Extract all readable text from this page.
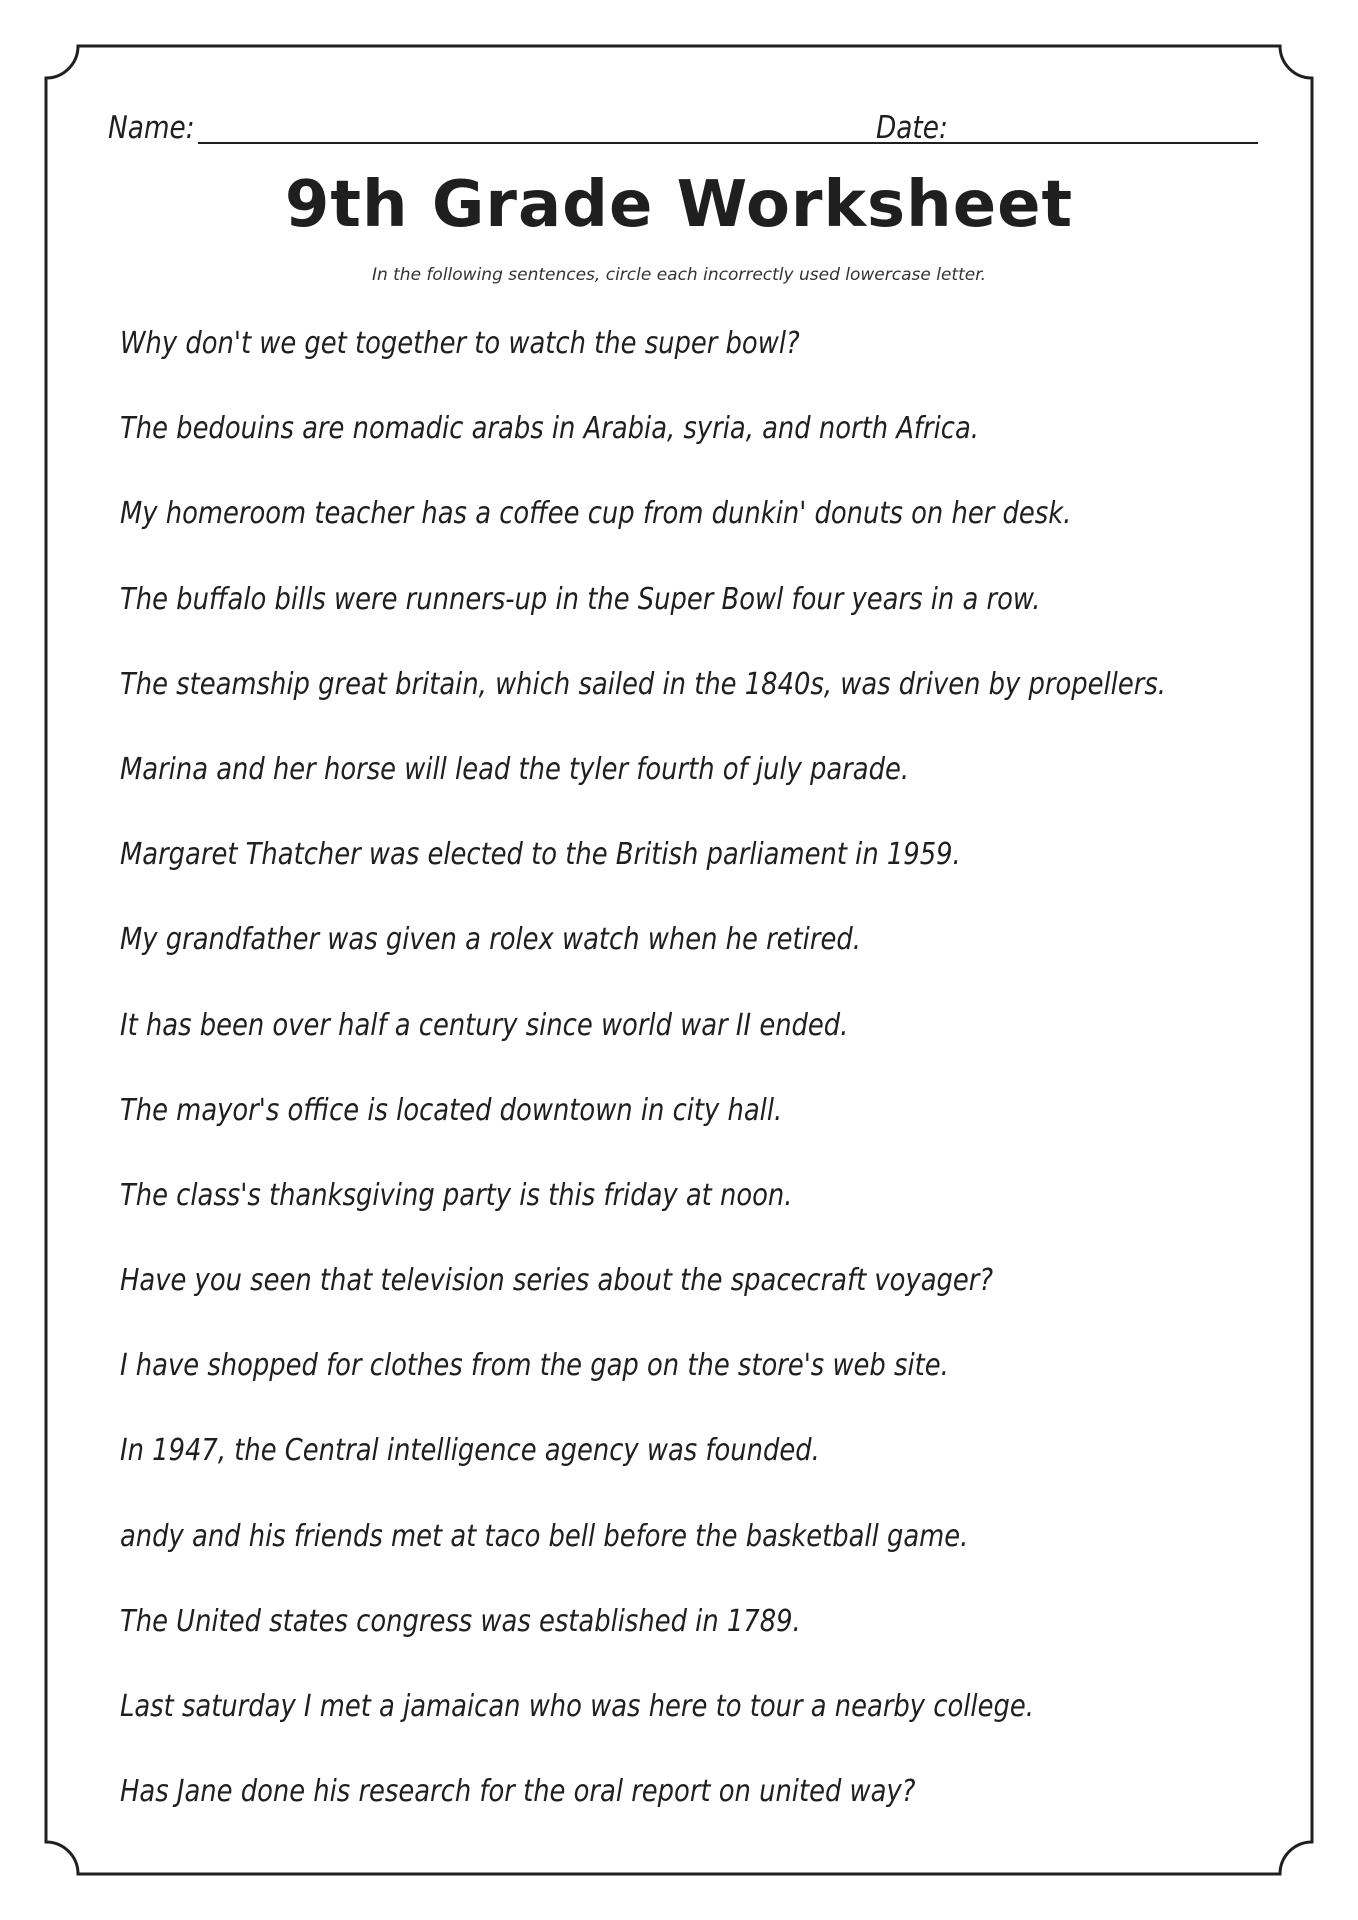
Name:	Date:
9th Grade Worksheet
In the following sentences, circle each incorrectly used lowercase letter.
Why don't we get together to watch the super bowl?
The bedouins are nomadic arabs in Arabia, syria, and north Africa.
My homeroom teacher has a coffee cup from dunkin' donuts on her desk.
The buffalo bills were runners-up in the Super Bowl four years in a row.
The steamship great britain, which sailed in the 1840s, was driven by propellers.
Marina and her horse will lead the tyler fourth of july parade.
Margaret Thatcher was elected to the British parliament in 1959.
My grandfather was given a rolex watch when he retired.
It has been over half a century since world war II ended.
The mayor's office is located downtown in city hall.
The class's thanksgiving party is this friday at noon.
Have you seen that television series about the spacecraft voyager?
I have shopped for clothes from the gap on the store's web site.
In 1947, the Central intelligence agency was founded.
andy and his friends met at taco bell before the basketball game.
The United states congress was established in 1789.
Last saturday I met a jamaican who was here to tour a nearby college.
Has Jane done his research for the oral report on united way?
